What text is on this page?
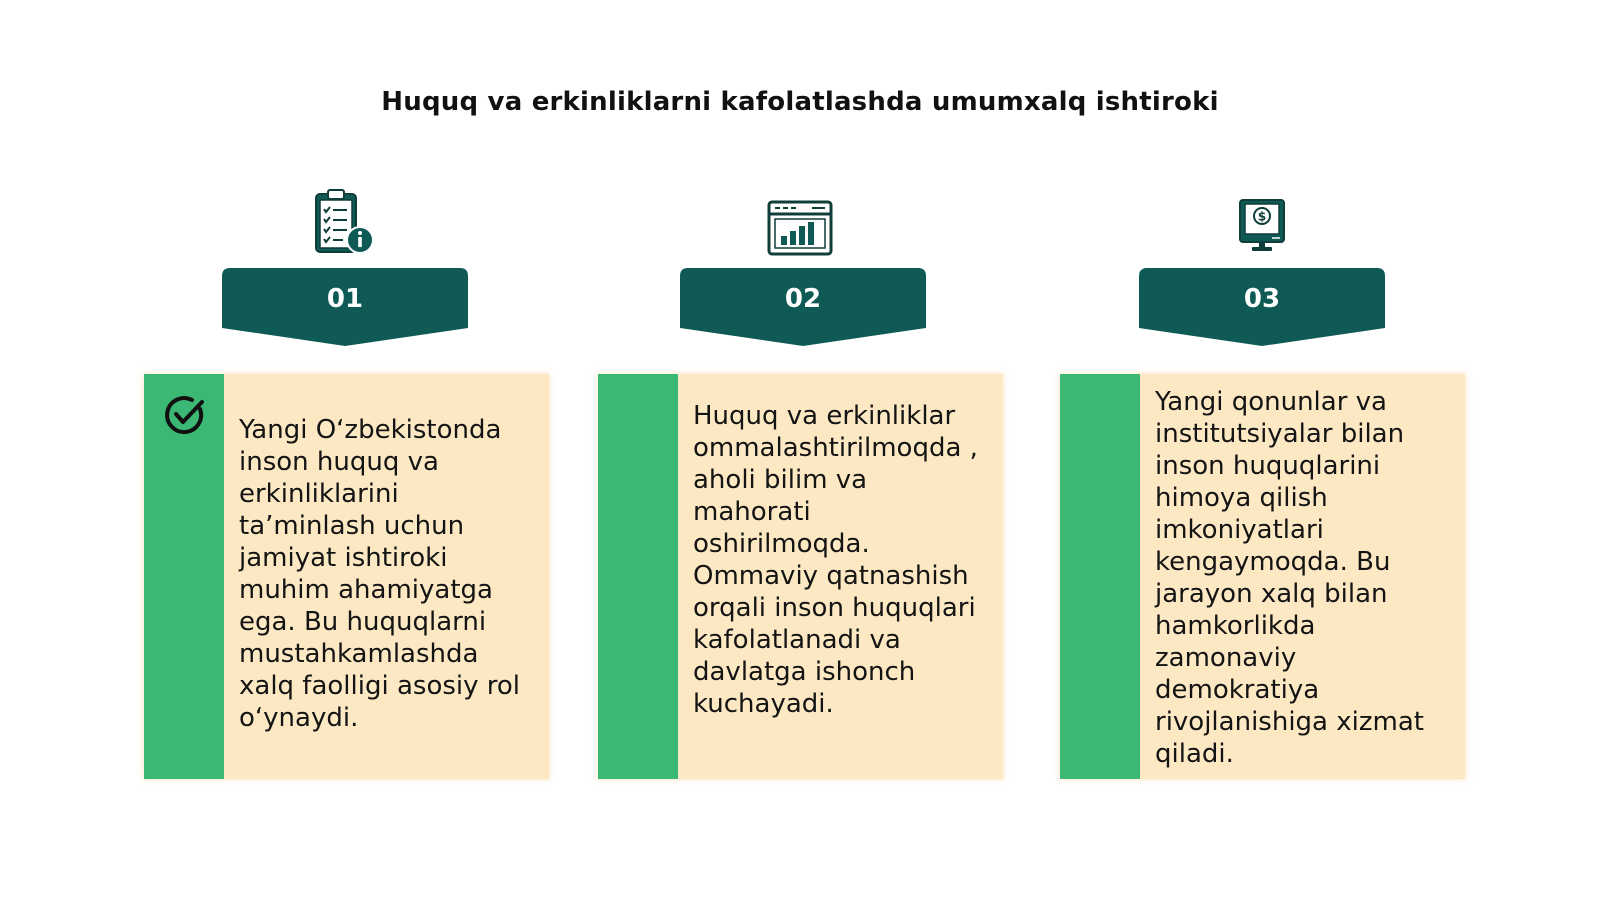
Huquq va erkinliklarni kafolatlashda umumxalq ishtiroki
01
Yangi O‘zbekistonda inson huquq va erkinliklarini ta’minlash uchun jamiyat ishtiroki muhim ahamiyatga ega. Bu huquqlarni mustahkamlashda xalq faolligi asosiy rol o‘ynaydi.
02
Huquq va erkinliklar ommalashtirilmoqda , aholi bilim va mahorati oshirilmoqda. Ommaviy qatnashish orqali inson huquqlari kafolatlanadi va davlatga ishonch kuchayadi.
$
03
Yangi qonunlar va institutsiyalar bilan inson huquqlarini himoya qilish imkoniyatlari kengaymoqda. Bu jarayon xalq bilan hamkorlikda zamonaviy demokratiya rivojlanishiga xizmat qiladi.
